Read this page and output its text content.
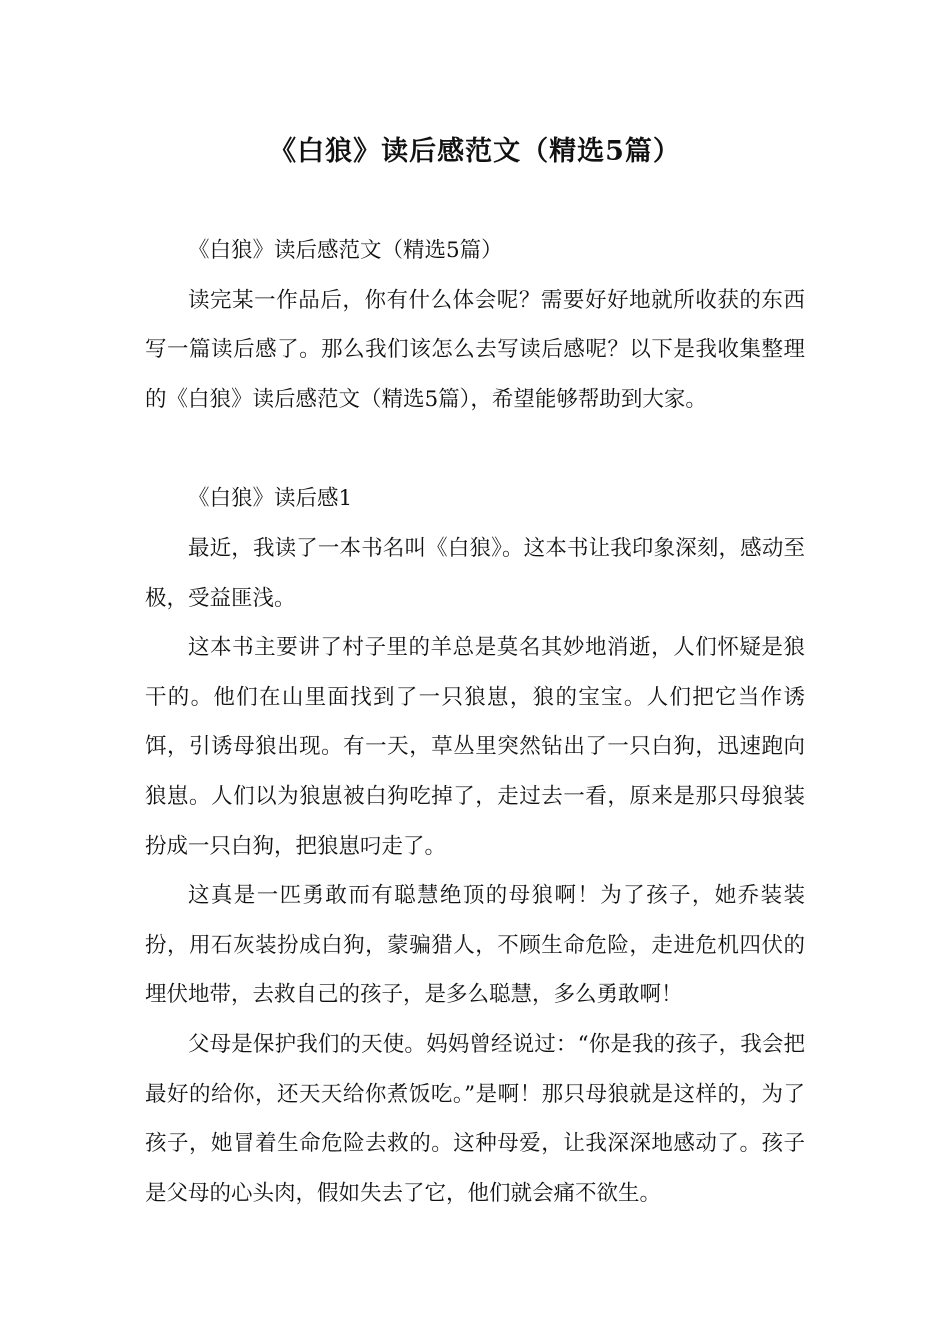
《白狼》读后感范文（精选5篇）

《白狼》读后感范文（精选5篇）

读完某一作品后，你有什么体会呢？需要好好地就所收获的东西写一篇读后感了。那么我们该怎么去写读后感呢？以下是我收集整理的《白狼》读后感范文（精选5篇），希望能够帮助到大家。

《白狼》读后感1

最近，我读了一本书名叫《白狼》。这本书让我印象深刻，感动至极，受益匪浅。

这本书主要讲了村子里的羊总是莫名其妙地消逝，人们怀疑是狼干的。他们在山里面找到了一只狼崽，狼的宝宝。人们把它当作诱饵，引诱母狼出现。有一天，草丛里突然钻出了一只白狗，迅速跑向狼崽。人们以为狼崽被白狗吃掉了，走过去一看，原来是那只母狼装扮成一只白狗，把狼崽叼走了。

这真是一匹勇敢而有聪慧绝顶的母狼啊！为了孩子，她乔装装扮，用石灰装扮成白狗，蒙骗猎人，不顾生命危险，走进危机四伏的埋伏地带，去救自己的孩子，是多么聪慧，多么勇敢啊！

父母是保护我们的天使。妈妈曾经说过：“你是我的孩子，我会把最好的给你，还天天给你煮饭吃。”是啊！那只母狼就是这样的，为了孩子，她冒着生命危险去救的。这种母爱，让我深深地感动了。孩子是父母的心头肉，假如失去了它，他们就会痛不欲生。
